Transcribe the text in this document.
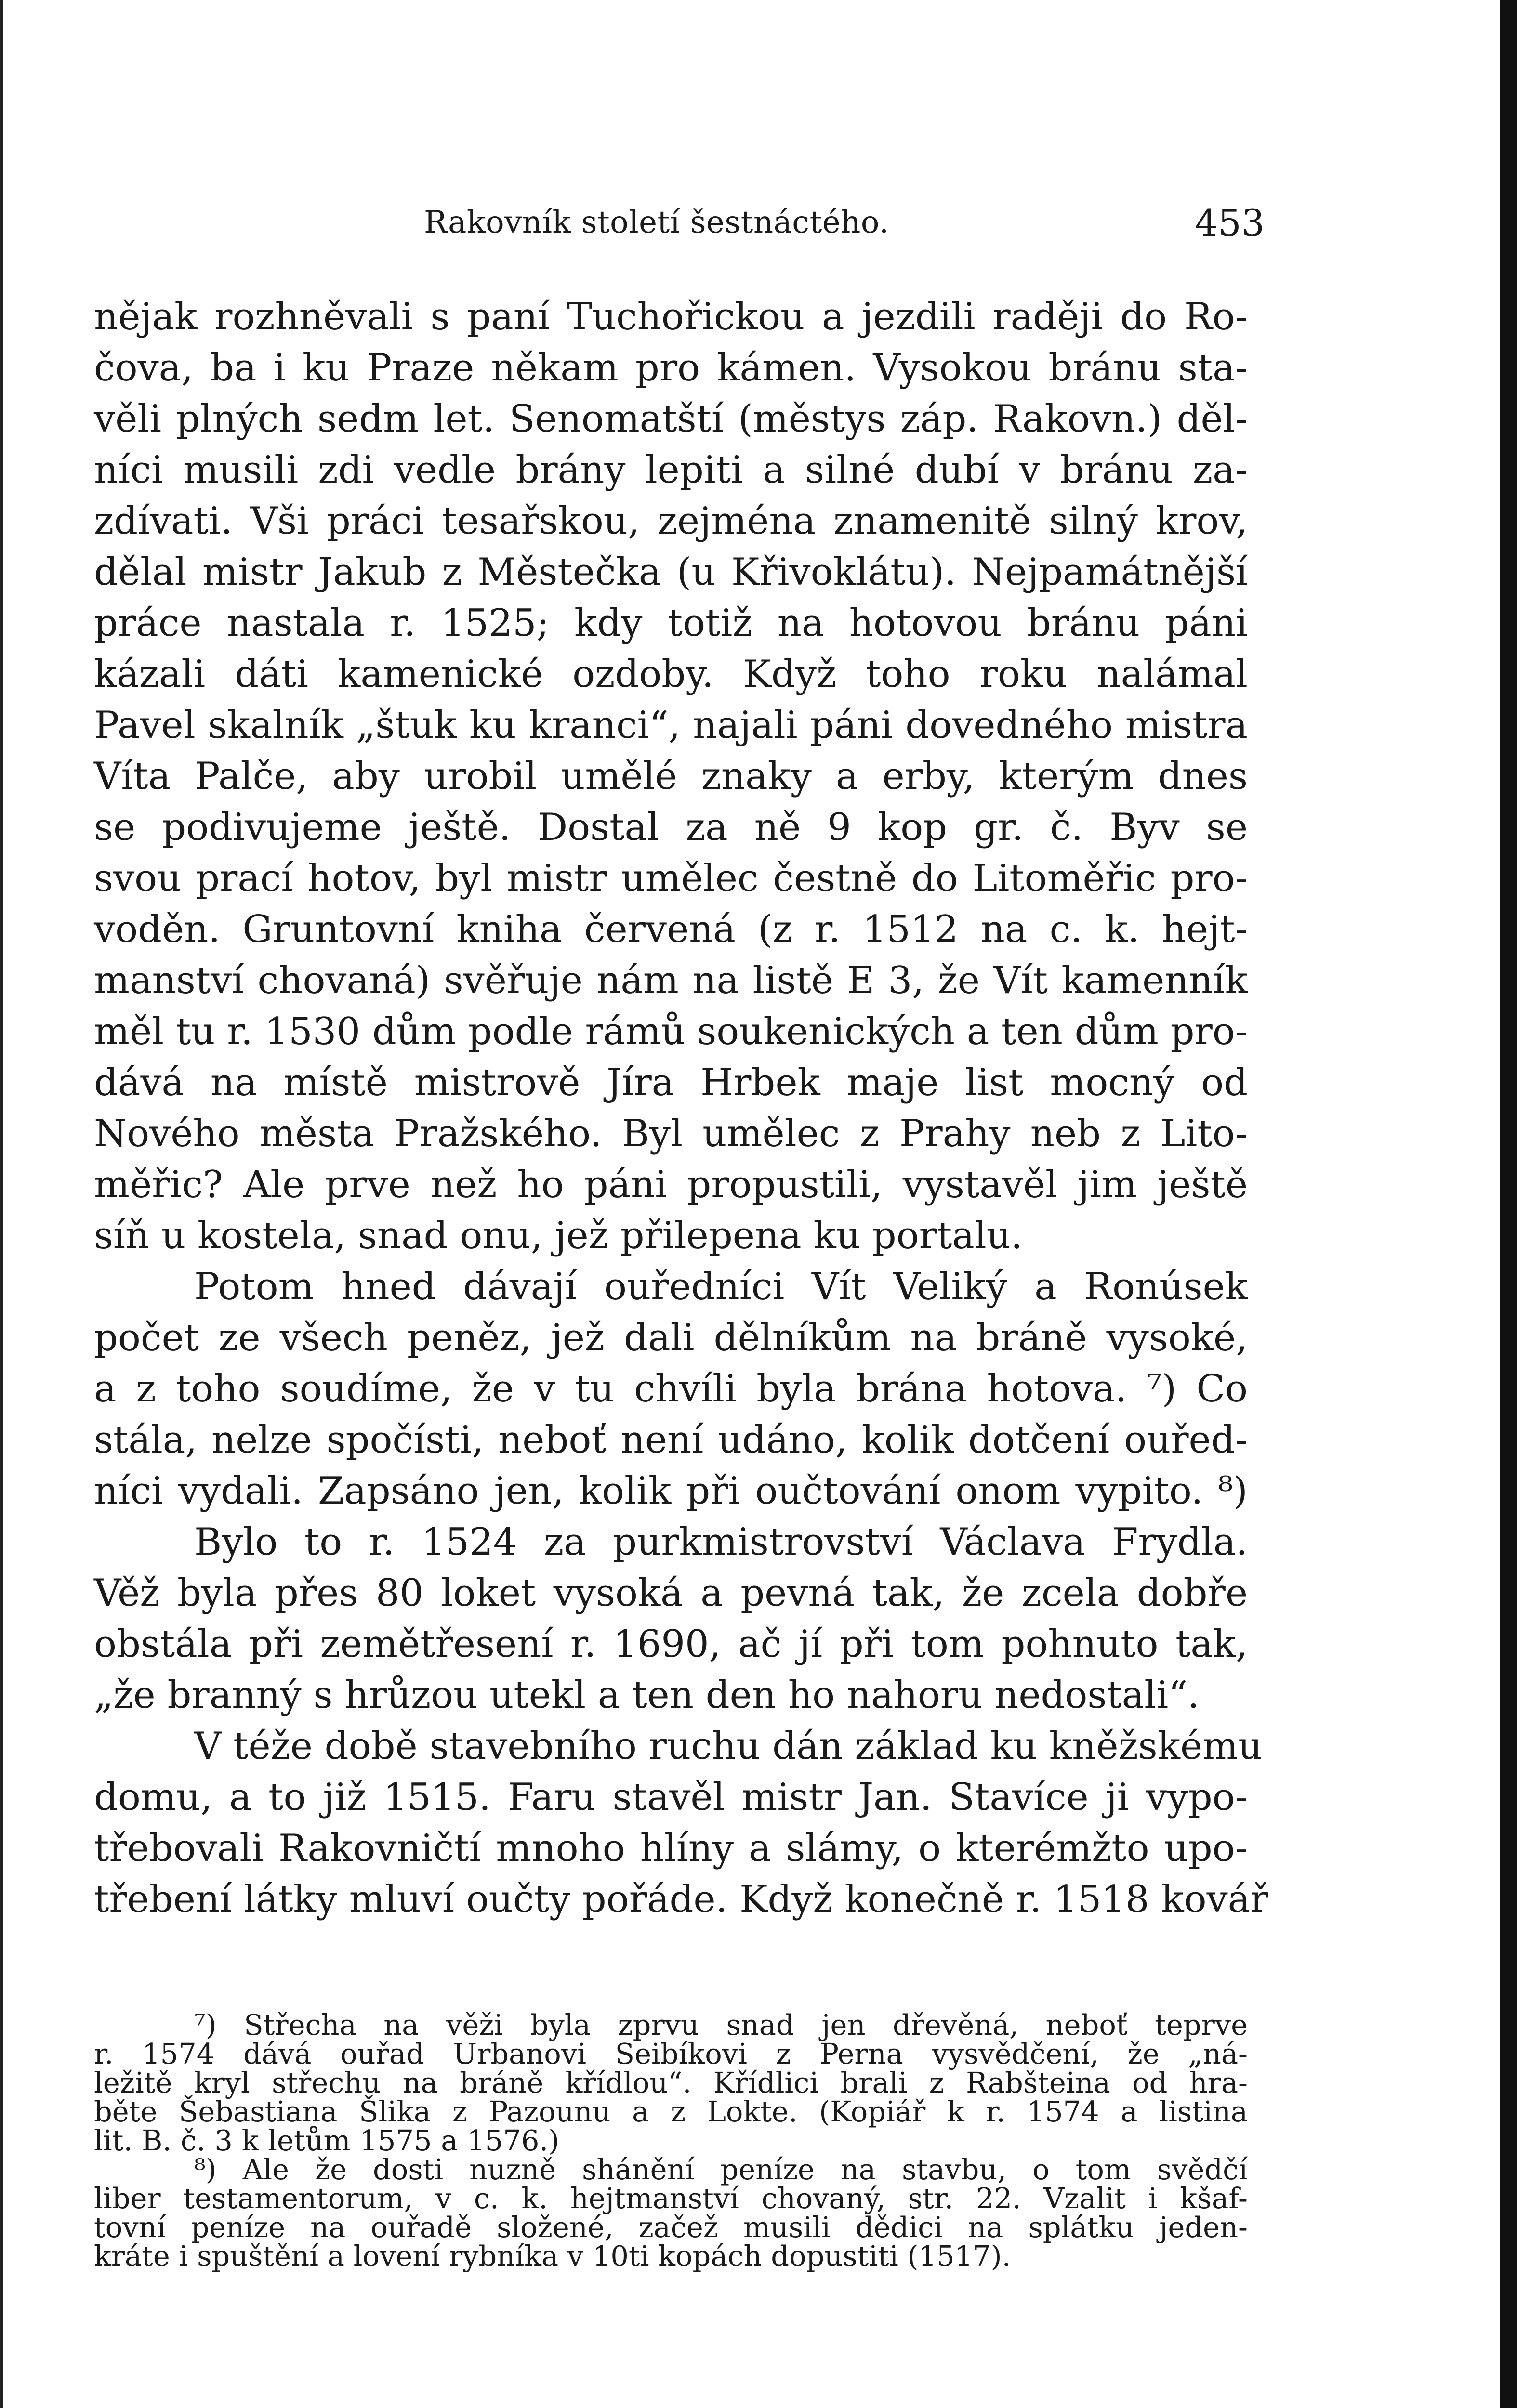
Rakovník století šestnáctého.	453
nějak rozhněvali s paní Tuchořickou a jezdili raději do Ro-
čova, ba i ku Praze někam pro kámen. Vysokou bránu sta-
věli plných sedm let. Senomatští (městys záp. Rakovn.) děl-
níci musili zdi vedle brány lepiti a silné dubí v bránu za-
zdívati. Vši práci tesařskou, zejména znamenitě silný krov,
dělal mistr Jakub z Městečka (u Křivoklátu). Nejpamátnější
práce nastala r. 1525; kdy totiž na hotovou bránu páni
kázali dáti kamenické ozdoby. Když toho roku nalámal
Pavel skalník „štuk ku kranci“, najali páni dovedného mistra
Víta Palče, aby urobil umělé znaky a erby, kterým dnes
se podivujeme ještě. Dostal za ně 9 kop gr. č. Byv se
svou prací hotov, byl mistr umělec čestně do Litoměřic pro-
voděn. Gruntovní kniha červená (z r. 1512 na c. k. hejt-
manství chovaná) svěřuje nám na listě E 3, že Vít kamenník
měl tu r. 1530 dům podle rámů soukenických a ten dům pro-
dává na místě mistrově Jíra Hrbek maje list mocný od
Nového města Pražského. Byl umělec z Prahy neb z Lito-
měřic? Ale prve než ho páni propustili, vystavěl jim ještě
síň u kostela, snad onu, jež přilepena ku portalu.
Potom hned dávají ouředníci Vít Veliký a Ronúsek
počet ze všech peněz, jež dali dělníkům na bráně vysoké,
a z toho soudíme, že v tu chvíli byla brána hotova. ⁷) Co
stála, nelze spočísti, neboť není udáno, kolik dotčení ouřed-
níci vydali. Zapsáno jen, kolik při oučtování onom vypito. ⁸)
Bylo to r. 1524 za purkmistrovství Václava Frydla.
Věž byla přes 80 loket vysoká a pevná tak, že zcela dobře
obstála při zemětřesení r. 1690, ač jí při tom pohnuto tak,
„že branný s hrůzou utekl a ten den ho nahoru nedostali“.
V téže době stavebního ruchu dán základ ku kněžskému
domu, a to již 1515. Faru stavěl mistr Jan. Stavíce ji vypo-
třebovali Rakovničtí mnoho hlíny a slámy, o kterémžto upo-
třebení látky mluví oučty pořáde. Když konečně r. 1518 kovář
⁷) Střecha na věži byla zprvu snad jen dřevěná, neboť teprve
r. 1574 dává ouřad Urbanovi Seibíkovi z Perna vysvědčení, že „ná-
ležitě kryl střechu na bráně křídlou“. Křídlici brali z Rabšteina od hra-
běte Šebastiana Šlika z Pazounu a z Lokte. (Kopiář k r. 1574 a listina
lit. B. č. 3 k letům 1575 a 1576.)
⁸) Ale že dosti nuzně shánění peníze na stavbu, o tom svědčí
liber testamentorum, v c. k. hejtmanství chovaný, str. 22. Vzalit i kšaf-
tovní peníze na ouřadě složené, začež musili dědici na splátku jeden-
kráte i spuštění a lovení rybníka v 10ti kopách dopustiti (1517).
